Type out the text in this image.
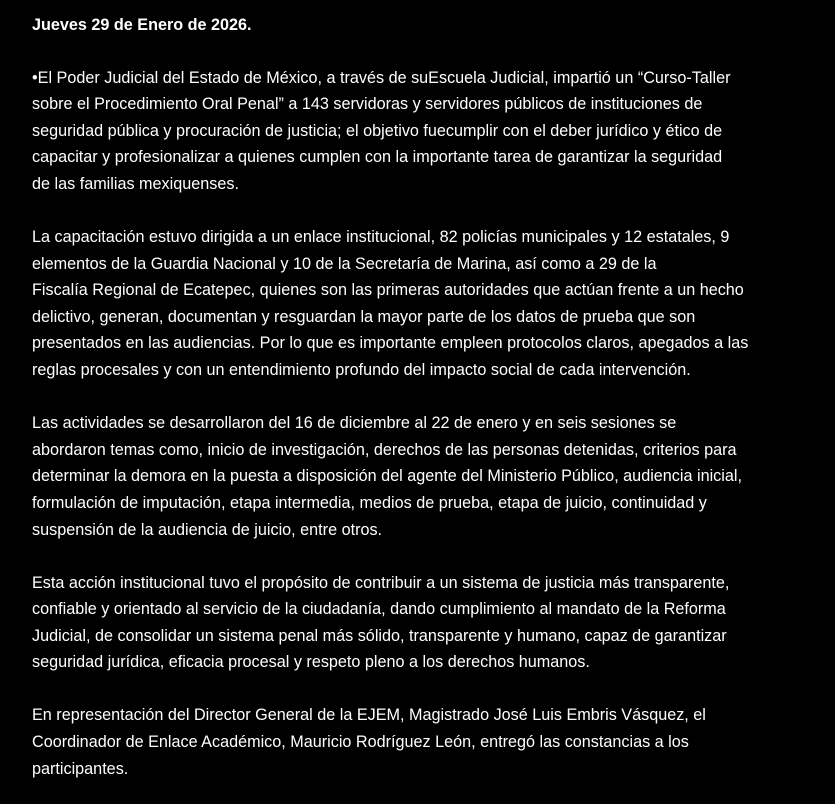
Jueves 29 de Enero de 2026.
•El Poder Judicial del Estado de México, a través de suEscuela Judicial, impartió un “Curso-Taller
sobre el Procedimiento Oral Penal” a 143 servidoras y servidores públicos de instituciones de
seguridad pública y procuración de justicia; el objetivo fuecumplir con el deber jurídico y ético de
capacitar y profesionalizar a quienes cumplen con la importante tarea de garantizar la seguridad
de las familias mexiquenses.
La capacitación estuvo dirigida a un enlace institucional, 82 policías municipales y 12 estatales, 9
elementos de la Guardia Nacional y 10 de la Secretaría de Marina, así como a 29 de la
Fiscalía Regional de Ecatepec, quienes son las primeras autoridades que actúan frente a un hecho
delictivo, generan, documentan y resguardan la mayor parte de los datos de prueba que son
presentados en las audiencias. Por lo que es importante empleen protocolos claros, apegados a las
reglas procesales y con un entendimiento profundo del impacto social de cada intervención.
Las actividades se desarrollaron del 16 de diciembre al 22 de enero y en seis sesiones se
abordaron temas como, inicio de investigación, derechos de las personas detenidas, criterios para
determinar la demora en la puesta a disposición del agente del Ministerio Público, audiencia inicial,
formulación de imputación, etapa intermedia, medios de prueba, etapa de juicio, continuidad y
suspensión de la audiencia de juicio, entre otros.
Esta acción institucional tuvo el propósito de contribuir a un sistema de justicia más transparente,
confiable y orientado al servicio de la ciudadanía, dando cumplimiento al mandato de la Reforma
Judicial, de consolidar un sistema penal más sólido, transparente y humano, capaz de garantizar
seguridad jurídica, eficacia procesal y respeto pleno a los derechos humanos.
En representación del Director General de la EJEM, Magistrado José Luis Embris Vásquez, el
Coordinador de Enlace Académico, Mauricio Rodríguez León, entregó las constancias a los
participantes.
